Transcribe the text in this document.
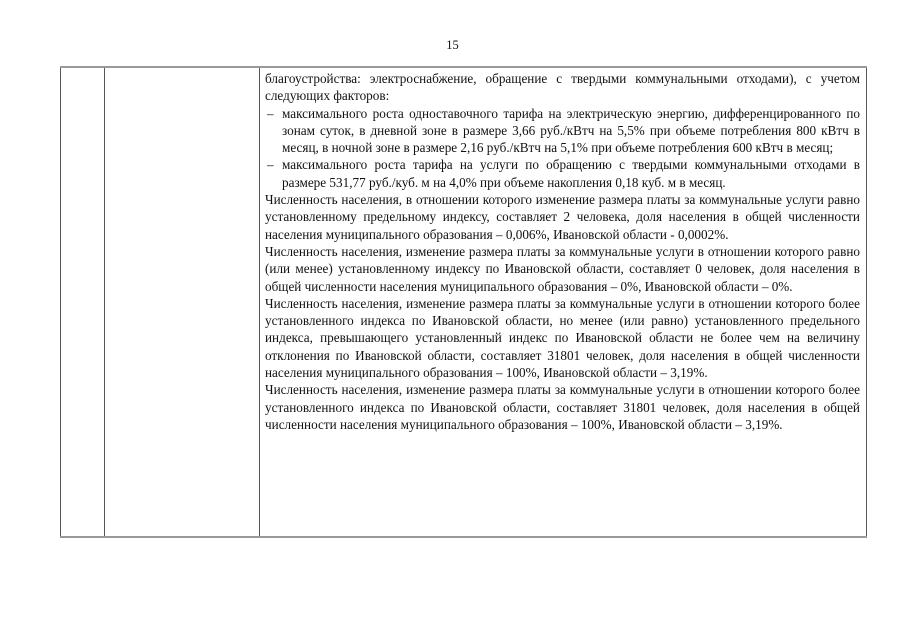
15

благоустройства: электроснабжение, обращение с твердыми коммунальными отходами), с учетом следующих факторов:

– максимального роста одноставочного тарифа на электрическую энергию, дифференцированного по зонам суток, в дневной зоне в размере 3,66 руб./кВтч на 5,5% при объеме потребления 800 кВтч в месяц, в ночной зоне в размере 2,16 руб./кВтч на 5,1% при объеме потребления 600 кВтч в месяц;
– максимального роста тарифа на услуги по обращению с твердыми коммунальными отходами в размере 531,77 руб./куб. м на 4,0% при объеме накопления 0,18 куб. м в месяц.

Численность населения, в отношении которого изменение размера платы за коммунальные услуги равно установленному предельному индексу, составляет 2 человека, доля населения в общей численности населения муниципального образования – 0,006%, Ивановской области - 0,0002%.

Численность населения, изменение размера платы за коммунальные услуги в отношении которого равно (или менее) установленному индексу по Ивановской области, составляет 0 человек, доля населения в общей численности населения муниципального образования – 0%, Ивановской области – 0%.

Численность населения, изменение размера платы за коммунальные услуги в отношении которого более установленного индекса по Ивановской области, но менее (или равно) установленного предельного индекса, превышающего установленный индекс по Ивановской области не более чем на величину отклонения по Ивановской области, составляет 31801 человек, доля населения в общей численности населения муниципального образования – 100%, Ивановской области – 3,19%.

Численность населения, изменение размера платы за коммунальные услуги в отношении которого более установленного индекса по Ивановской области, составляет 31801 человек, доля населения в общей численности населения муниципального образования – 100%, Ивановской области – 3,19%.
